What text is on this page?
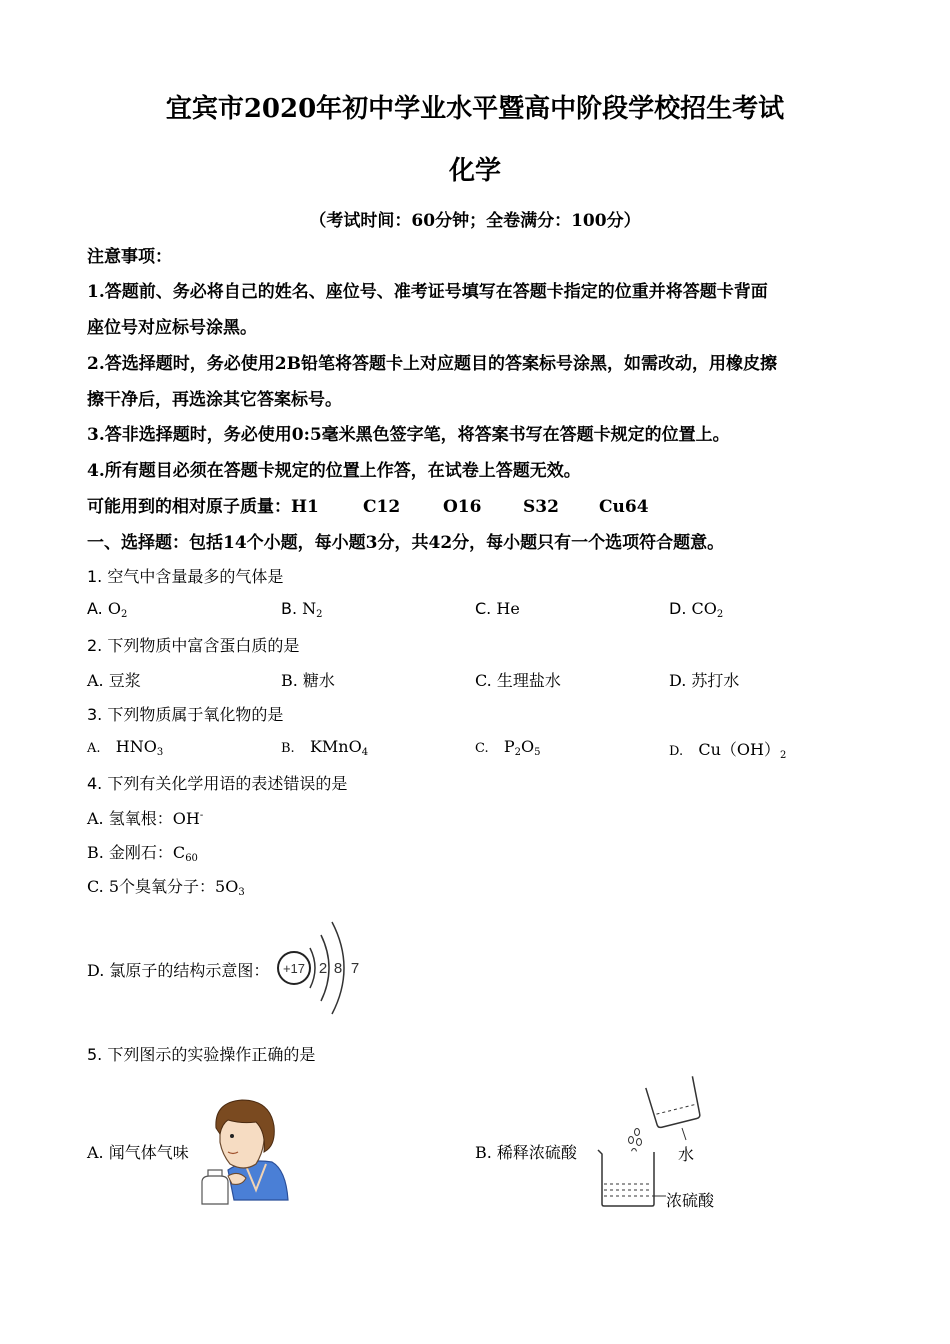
宜宾市2020年初中学业水平暨高中阶段学校招生考试
化学
（考试时间：60分钟；全卷满分：100分）
注意事项：
1.答题前、务必将自己的姓名、座位号、准考证号填写在答题卡指定的位重并将答题卡背面
座位号对应标号涂黑。
2.答选择题时，务必使用2B铅笔将答题卡上对应题目的答案标号涂黑，如需改动，用橡皮擦
擦干净后，再选涂其它答案标号。
3.答非选择题时，务必使用0:5毫米黑色签字笔，将答案书写在答题卡规定的位置上。
4.所有题目必须在答题卡规定的位置上作答，在试卷上答题无效。
可能用到的相对原子质量：H1	C12	O16 S32 Cu64
一、选择题：包括14个小题，每小题3分，共42分，每小题只有一个选项符合题意。
1. 空气中含量最多的气体是
A. $O_2$	B. $N_2$	C. He	D. $CO_2$
2. 下列物质中富含蛋白质的是
A. 豆浆	B. 糖水	C. 生理盐水	D. 苏打水
3. 下列物质属于氧化物的是
A. $HNO_3$	B. KMnO$_4$	C. $P_2O_5$	D. $Cu(OH)_2$
4. 下列有关化学用语的表述错误的是
A. 氢氧根：OH-
B. 金刚石：$C_{60}$
C. 5个臭氧分子：$5O_3$
D. 氯原子的结构示意图： +17 2 8 7
5. 下列图示的实验操作正确的是
A. 闻气体气味	B. 稀释浓硫酸	水
浓硫酸
